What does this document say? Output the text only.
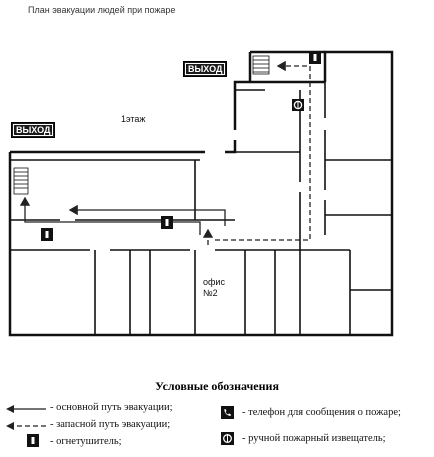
План эвакуации людей при пожаре
ВЫХОД
ВЫХОД
1этаж
офис
№2
Условные обозначения
- основной путь эвакуации;
- запасной путь эвакуации;
- огнетушитель;
- телефон для сообщения о пожаре;
- ручной пожарный извещатель;
